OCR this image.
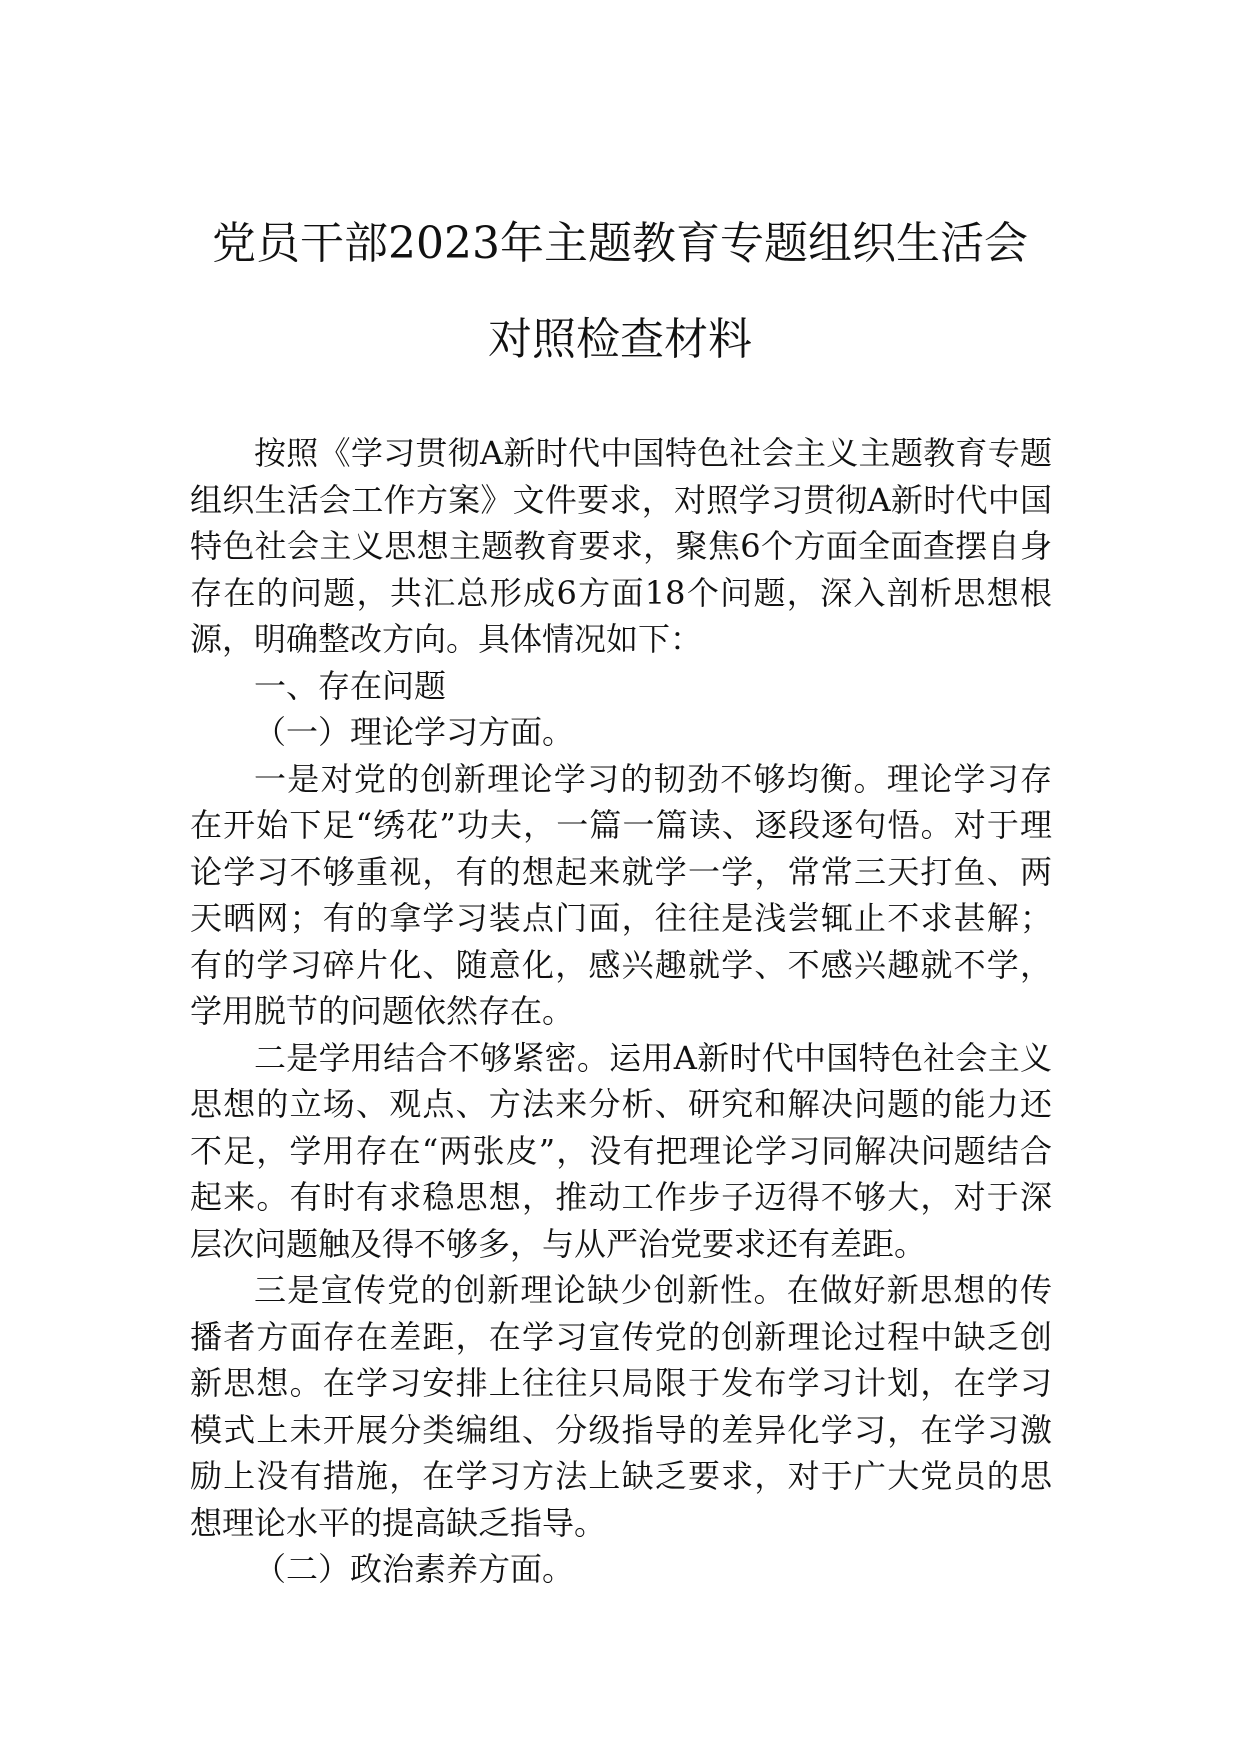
党员干部2023年主题教育专题组织生活会
对照检查材料

按照《学习贯彻A新时代中国特色社会主义主题教育专题组织生活会工作方案》文件要求，对照学习贯彻A新时代中国特色社会主义思想主题教育要求，聚焦6个方面全面查摆自身存在的问题，共汇总形成6方面18个问题，深入剖析思想根源，明确整改方向。具体情况如下：

一、存在问题

（一）理论学习方面。

一是对党的创新理论学习的韧劲不够均衡。理论学习存在开始下足“绣花”功夫，一篇一篇读、逐段逐句悟。对于理论学习不够重视，有的想起来就学一学，常常三天打鱼、两天晒网；有的拿学习装点门面，往往是浅尝辄止不求甚解；有的学习碎片化、随意化，感兴趣就学、不感兴趣就不学，学用脱节的问题依然存在。

二是学用结合不够紧密。运用A新时代中国特色社会主义思想的立场、观点、方法来分析、研究和解决问题的能力还不足，学用存在“两张皮”，没有把理论学习同解决问题结合起来。有时有求稳思想，推动工作步子迈得不够大，对于深层次问题触及得不够多，与从严治党要求还有差距。

三是宣传党的创新理论缺少创新性。在做好新思想的传播者方面存在差距，在学习宣传党的创新理论过程中缺乏创新思想。在学习安排上往往只局限于发布学习计划，在学习模式上未开展分类编组、分级指导的差异化学习，在学习激励上没有措施，在学习方法上缺乏要求，对于广大党员的思想理论水平的提高缺乏指导。

（二）政治素养方面。
